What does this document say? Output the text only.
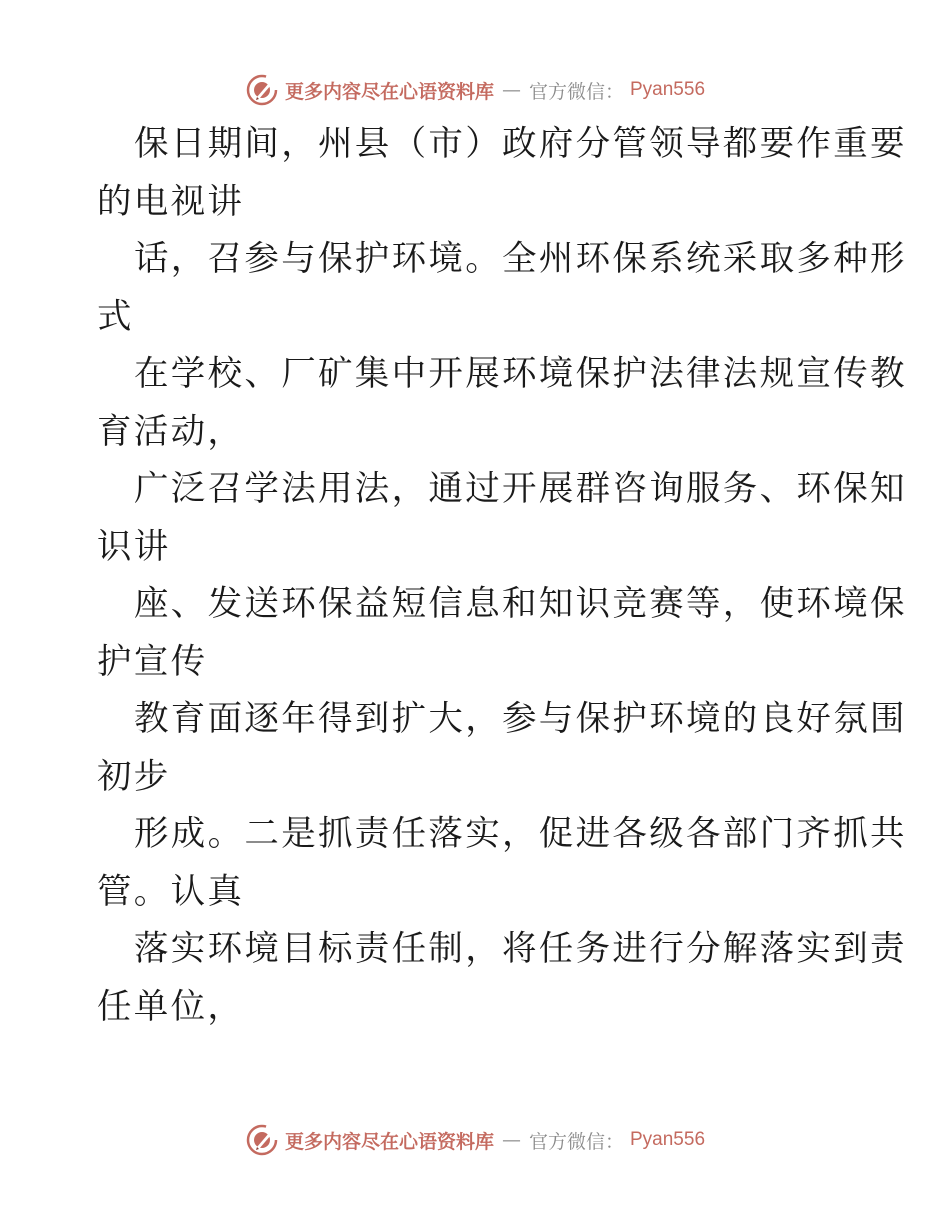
更多内容尽在心语资料库 — 官方微信： Pyan556
保日期间，州县（市）政府分管领导都要作重要
的电视讲
话，召参与保护环境。全州环保系统采取多种形
式
在学校、厂矿集中开展环境保护法律法规宣传教
育活动，
广泛召学法用法，通过开展群咨询服务、环保知
识讲
座、发送环保益短信息和知识竞赛等，使环境保
护宣传
教育面逐年得到扩大，参与保护环境的良好氛围
初步
形成。二是抓责任落实，促进各级各部门齐抓共
管。认真
落实环境目标责任制，将任务进行分解落实到责
任单位，
更多内容尽在心语资料库 — 官方微信： Pyan556
